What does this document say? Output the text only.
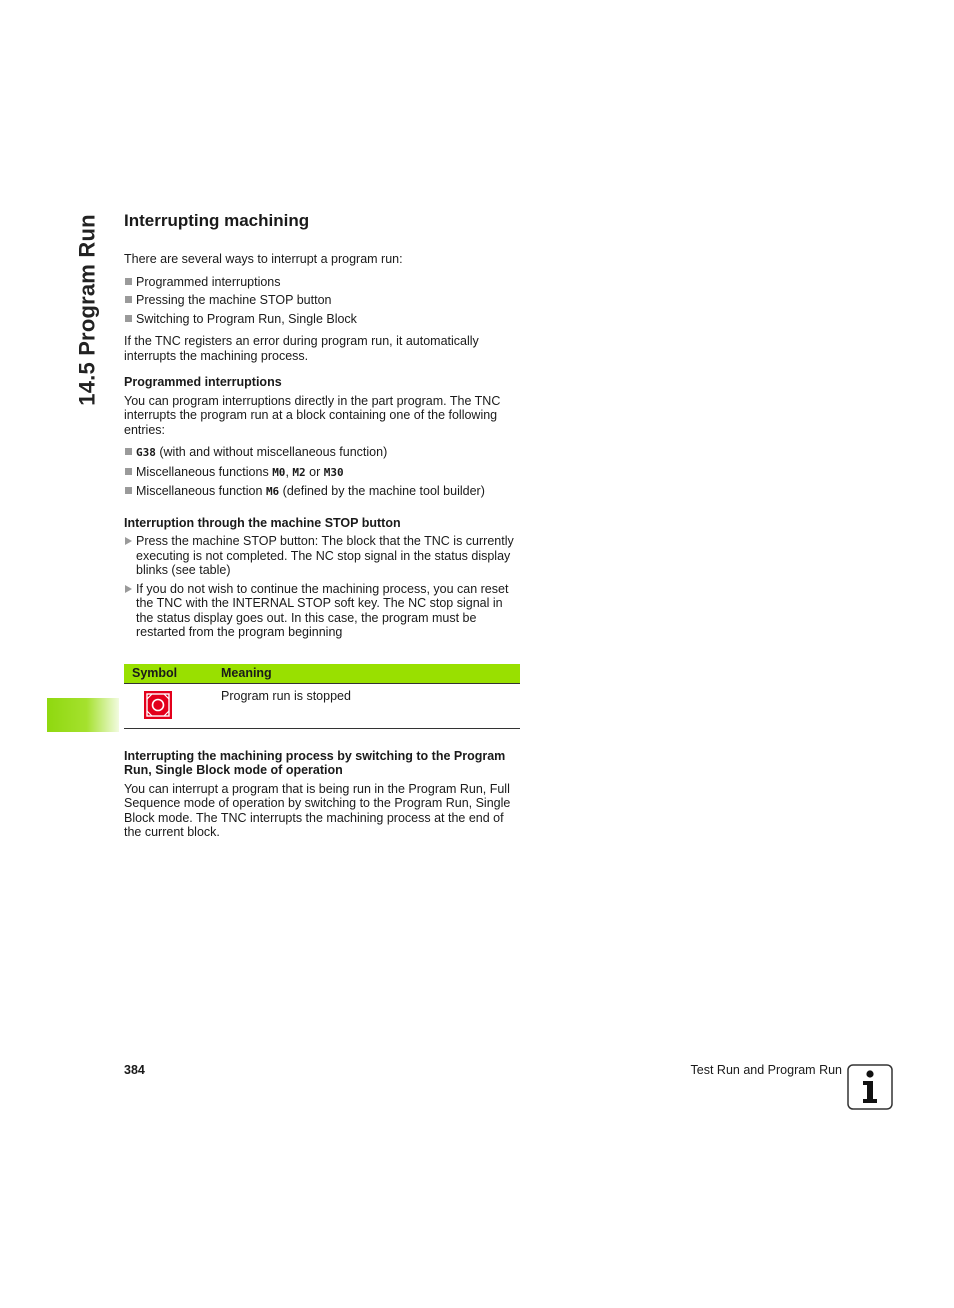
14.5 Program Run Interrupting machining

There are several ways to interrupt a program run:

Programmed interruptions
Pressing the machine STOP button
Switching to Program Run, Single Block

If the TNC registers an error during program run, it automatically interrupts the machining process.

Programmed interruptions

You can program interruptions directly in the part program. The TNC interrupts the program run at a block containing one of the following entries:

G38 (with and without miscellaneous function)
Miscellaneous functions M0, M2 or M30
Miscellaneous function M6 (defined by the machine tool builder)
Interruption through the machine STOP button
Press the machine STOP button: The block that the TNC is currently executing is not completed. The NC stop signal in the status display blinks (see table)
If you do not wish to continue the machining process, you can reset the TNC with the INTERNAL STOP soft key. The NC stop signal in the status display goes out. In this case, the program must be restarted from the program beginning
Symbol	Meaning

	Program run is stopped
Interrupting the machining process by switching to the Program Run, Single Block mode of operation

You can interrupt a program that is being run in the Program Run, Full Sequence mode of operation by switching to the Program Run, Single Block mode. The TNC interrupts the machining process at the end of the current block.

384	Test Run and Program Run
